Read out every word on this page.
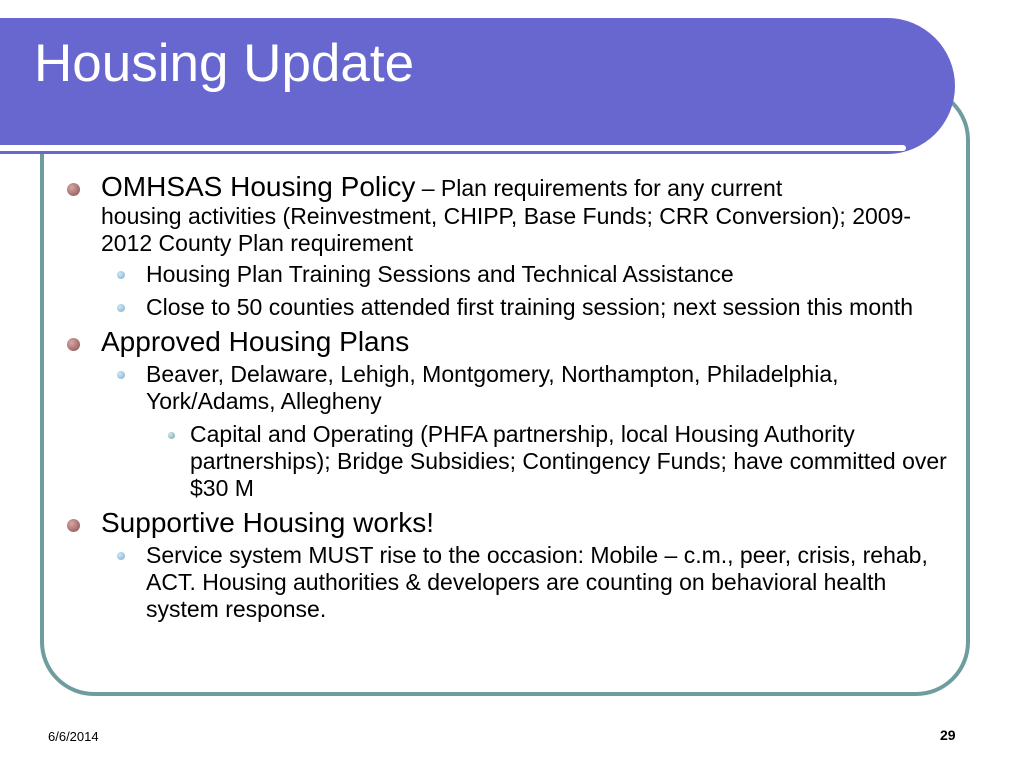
Housing Update
OMHSAS Housing Policy – Plan requirements for any current
housing activities (Reinvestment, CHIPP, Base Funds; CRR Conversion); 2009-2012 County Plan requirement
Housing Plan Training Sessions and Technical Assistance
Close to 50 counties attended first training session; next session this month
Approved Housing Plans
Beaver, Delaware, Lehigh, Montgomery, Northampton, Philadelphia, York/Adams, Allegheny
Capital and Operating (PHFA partnership, local Housing Authority partnerships); Bridge Subsidies; Contingency Funds; have committed over $30 M
Supportive Housing works!
Service system MUST rise to the occasion: Mobile – c.m., peer, crisis, rehab, ACT. Housing authorities & developers are counting on behavioral health system response.
6/6/2014	29
